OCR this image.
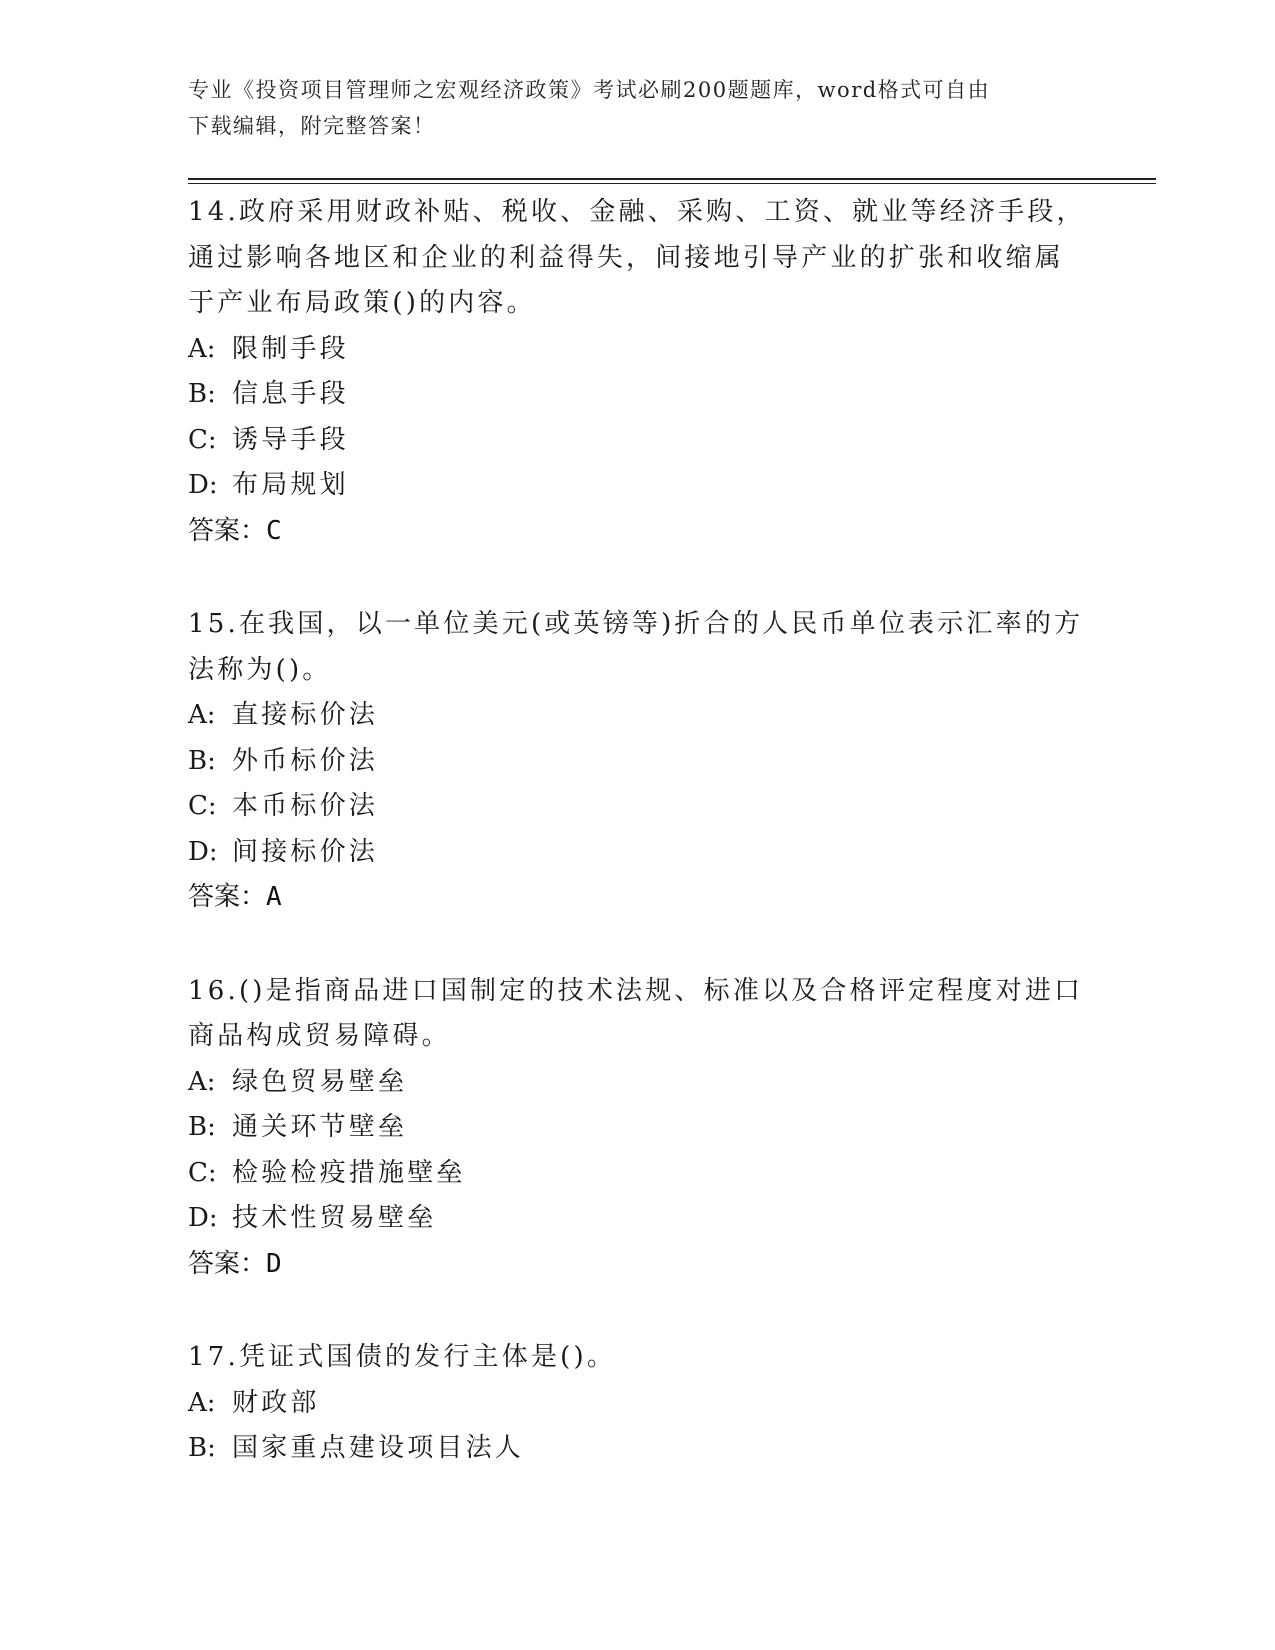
专业《投资项目管理师之宏观经济政策》考试必刷200题题库，word格式可自由
下载编辑，附完整答案！

14.政府采用财政补贴、税收、金融、采购、工资、就业等经济手段，通过影响各地区和企业的利益得失，间接地引导产业的扩张和收缩属于产业布局政策()的内容。

A: 限制手段

B: 信息手段

C: 诱导手段

D: 布局规划

答案：C

15.在我国，以一单位美元(或英镑等)折合的人民币单位表示汇率的方法称为()。

A: 直接标价法

B: 外币标价法

C: 本币标价法

D: 间接标价法

答案：A

16.()是指商品进口国制定的技术法规、标准以及合格评定程度对进口商品构成贸易障碍。

A: 绿色贸易壁垒

B: 通关环节壁垒

C: 检验检疫措施壁垒

D: 技术性贸易壁垒

答案：D

17.凭证式国债的发行主体是()。

A: 财政部

B: 国家重点建设项目法人
